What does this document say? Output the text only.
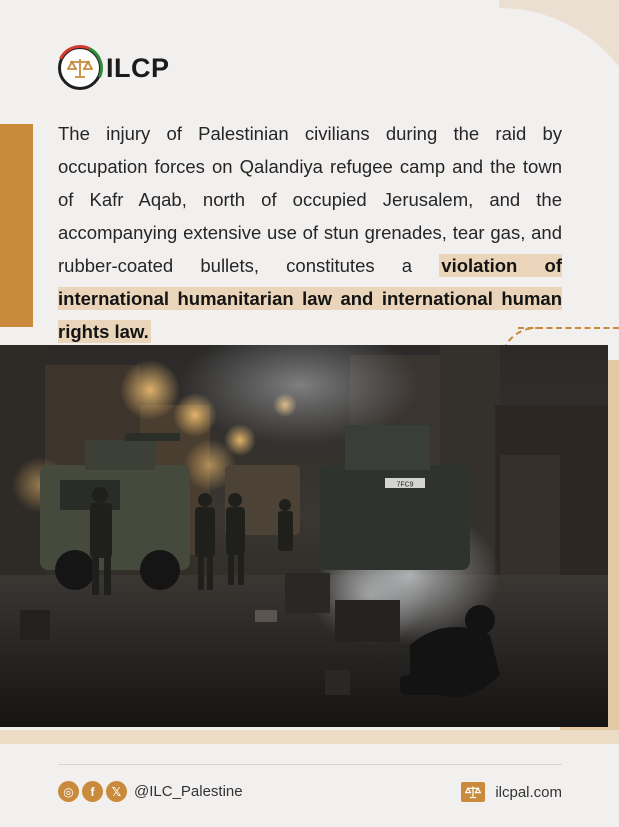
ILCP
The injury of Palestinian civilians during the raid by occupation forces on Qalandiya refugee camp and the town of Kafr Aqab, north of occupied Jerusalem, and the accompanying extensive use of stun grenades, tear gas, and rubber-coated bullets, constitutes a violation of international humanitarian law and international human rights law.
7FC9
◎	f	𝕏 @ILC_Palestine	ilcpal.com
